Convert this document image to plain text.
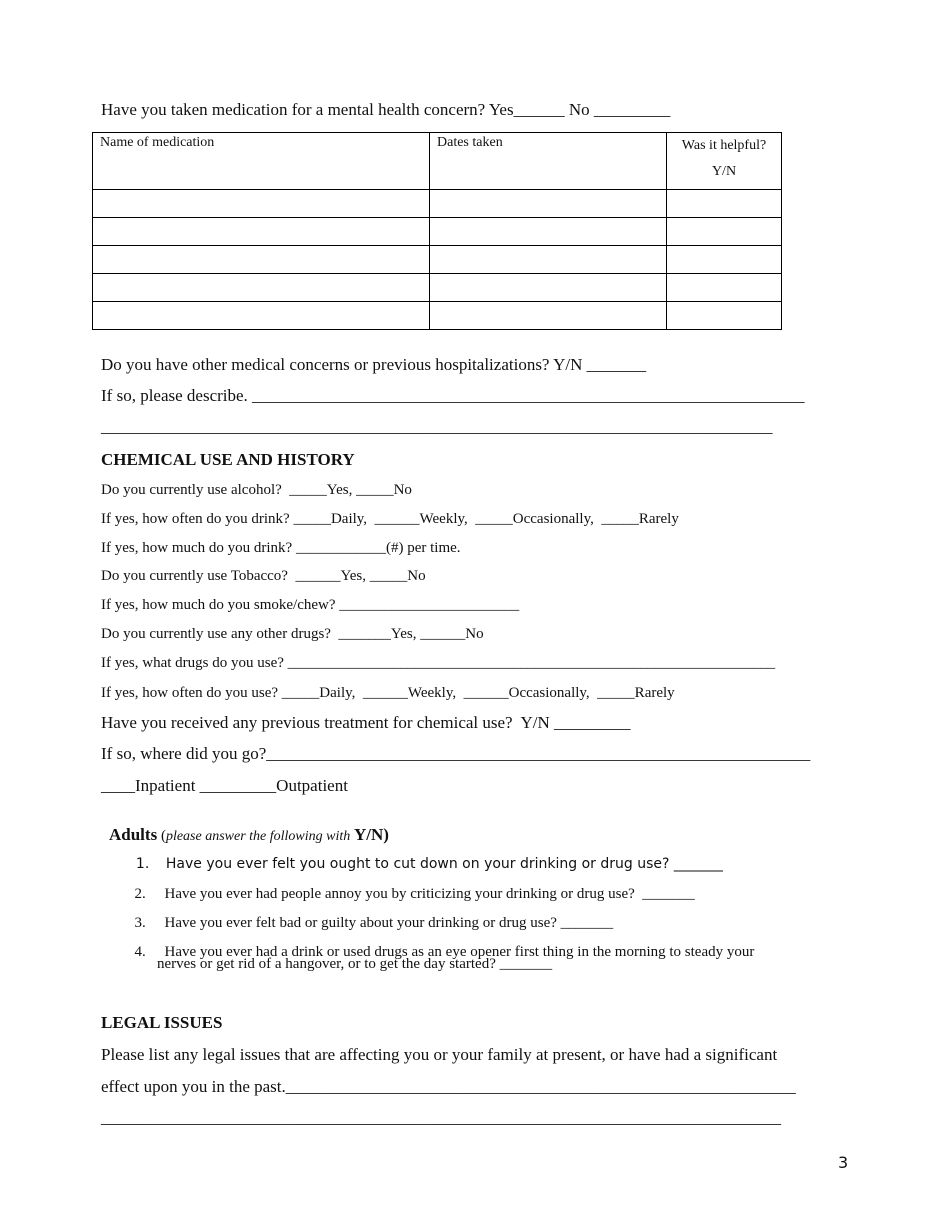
Have you taken medication for a mental health concern? Yes______ No _________
Name of medication	Dates taken	Was it helpful?
Y/N

Do you have other medical concerns or previous hospitalizations? Y/N _______
If so, please describe. _________________________________________________________________
_______________________________________________________________________________
CHEMICAL USE AND HISTORY
Do you currently use alcohol?  _____Yes, _____No
If yes, how often do you drink? _____Daily,  ______Weekly,  _____Occasionally,  _____Rarely
If yes, how much do you drink? ____________(#) per time.
Do you currently use Tobacco?  ______Yes, _____No
If yes, how much do you smoke/chew? ________________________
Do you currently use any other drugs?  _______Yes, ______No
If yes, what drugs do you use? _________________________________________________________________
If yes, how often do you use? _____Daily,  ______Weekly,  ______Occasionally,  _____Rarely
Have you received any previous treatment for chemical use?  Y/N _________
If so, where did you go?________________________________________________________________
____Inpatient _________Outpatient

Adults (please answer the following with Y/N)

1. Have you ever felt you ought to cut down on your drinking or drug use? _______

2. Have you ever had people annoy you by criticizing your drinking or drug use?  _______

3. Have you ever felt bad or guilty about your drinking or drug use? _______

4. Have you ever had a drink or used drugs as an eye opener first thing in the morning to steady your

nerves or get rid of a hangover, or to get the day started? _______
LEGAL ISSUES
Please list any legal issues that are affecting you or your family at present, or have had a significant
effect upon you in the past.____________________________________________________________
________________________________________________________________________________
3
